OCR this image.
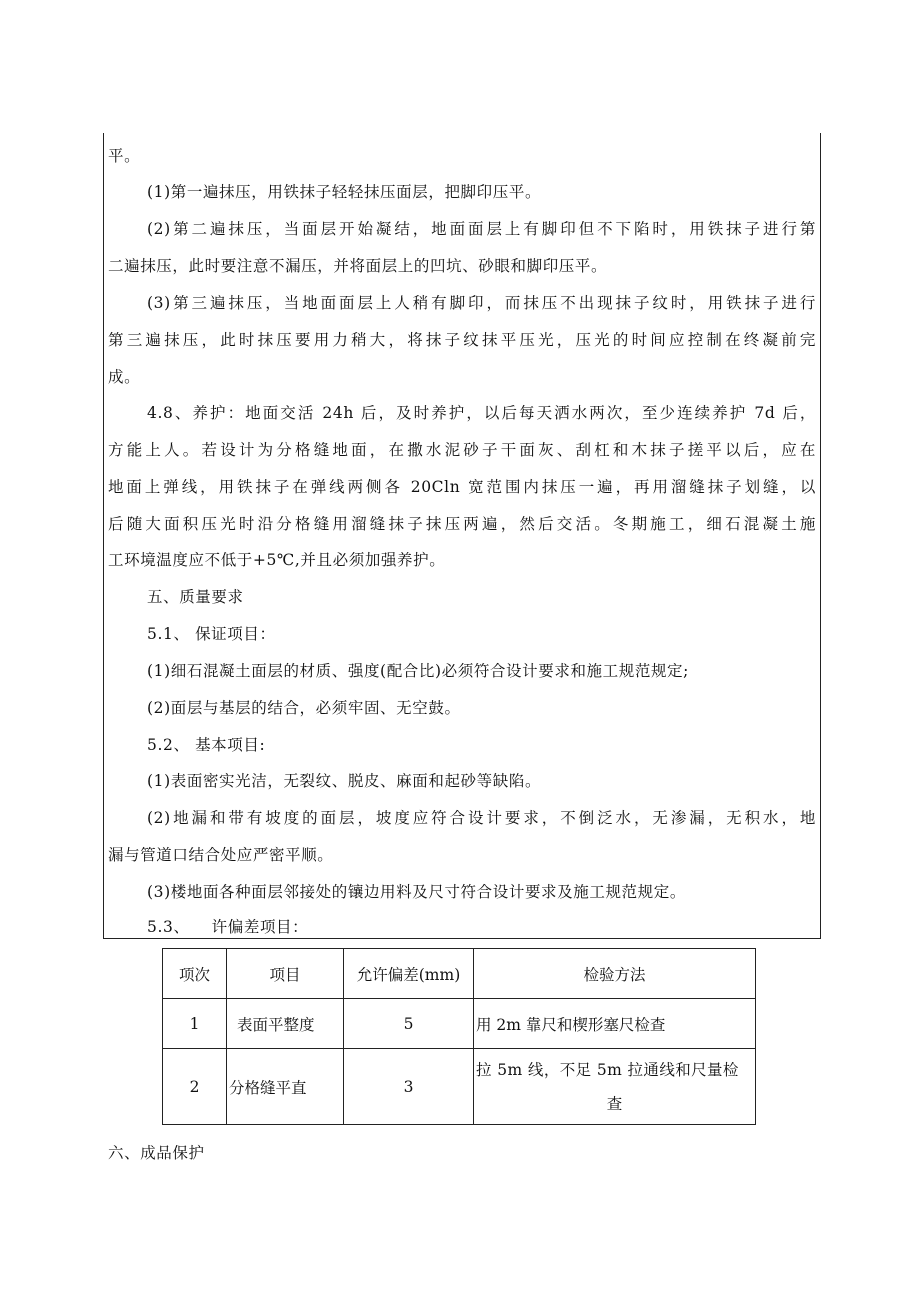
平。
(1)第一遍抹压，用铁抹子轻轻抹压面层，把脚印压平。
(2)第二遍抹压，当面层开始凝结，地面面层上有脚印但不下陷时，用铁抹子进行第
二遍抹压，此时要注意不漏压，并将面层上的凹坑、砂眼和脚印压平。
(3)第三遍抹压，当地面面层上人稍有脚印，而抹压不出现抹子纹时，用铁抹子进行
第三遍抹压，此时抹压要用力稍大，将抹子纹抹平压光，压光的时间应控制在终凝前完
成。
4.8、养护：地面交活 24h 后，及时养护，以后每天洒水两次，至少连续养护 7d 后，
方能上人。若设计为分格缝地面，在撒水泥砂子干面灰、刮杠和木抹子搓平以后，应在
地面上弹线，用铁抹子在弹线两侧各 20Cln 宽范围内抹压一遍，再用溜缝抹子划缝，以
后随大面积压光时沿分格缝用溜缝抹子抹压两遍，然后交活。冬期施工，细石混凝土施
工环境温度应不低于+5℃,并且必须加强养护。
五、质量要求
5.1、 保证项目：
(1)细石混凝土面层的材质、强度(配合比)必须符合设计要求和施工规范规定;
(2)面层与基层的结合，必须牢固、无空鼓。
5.2、 基本项目:
(1)表面密实光洁，无裂纹、脱皮、麻面和起砂等缺陷。
(2)地漏和带有坡度的面层，坡度应符合设计要求，不倒泛水，无渗漏，无积水，地
漏与管道口结合处应严密平顺。
(3)楼地面各种面层邻接处的镶边用料及尺寸符合设计要求及施工规范规定。
5.3、    许偏差项目：
项次	项目	允许偏差(mm)	检验方法
1	表面平整度	5	用 2m 靠尺和楔形塞尺检查
2	分格缝平直	3	拉 5m 线，不足 5m 拉通线和尺量检
查
六、成品保护
